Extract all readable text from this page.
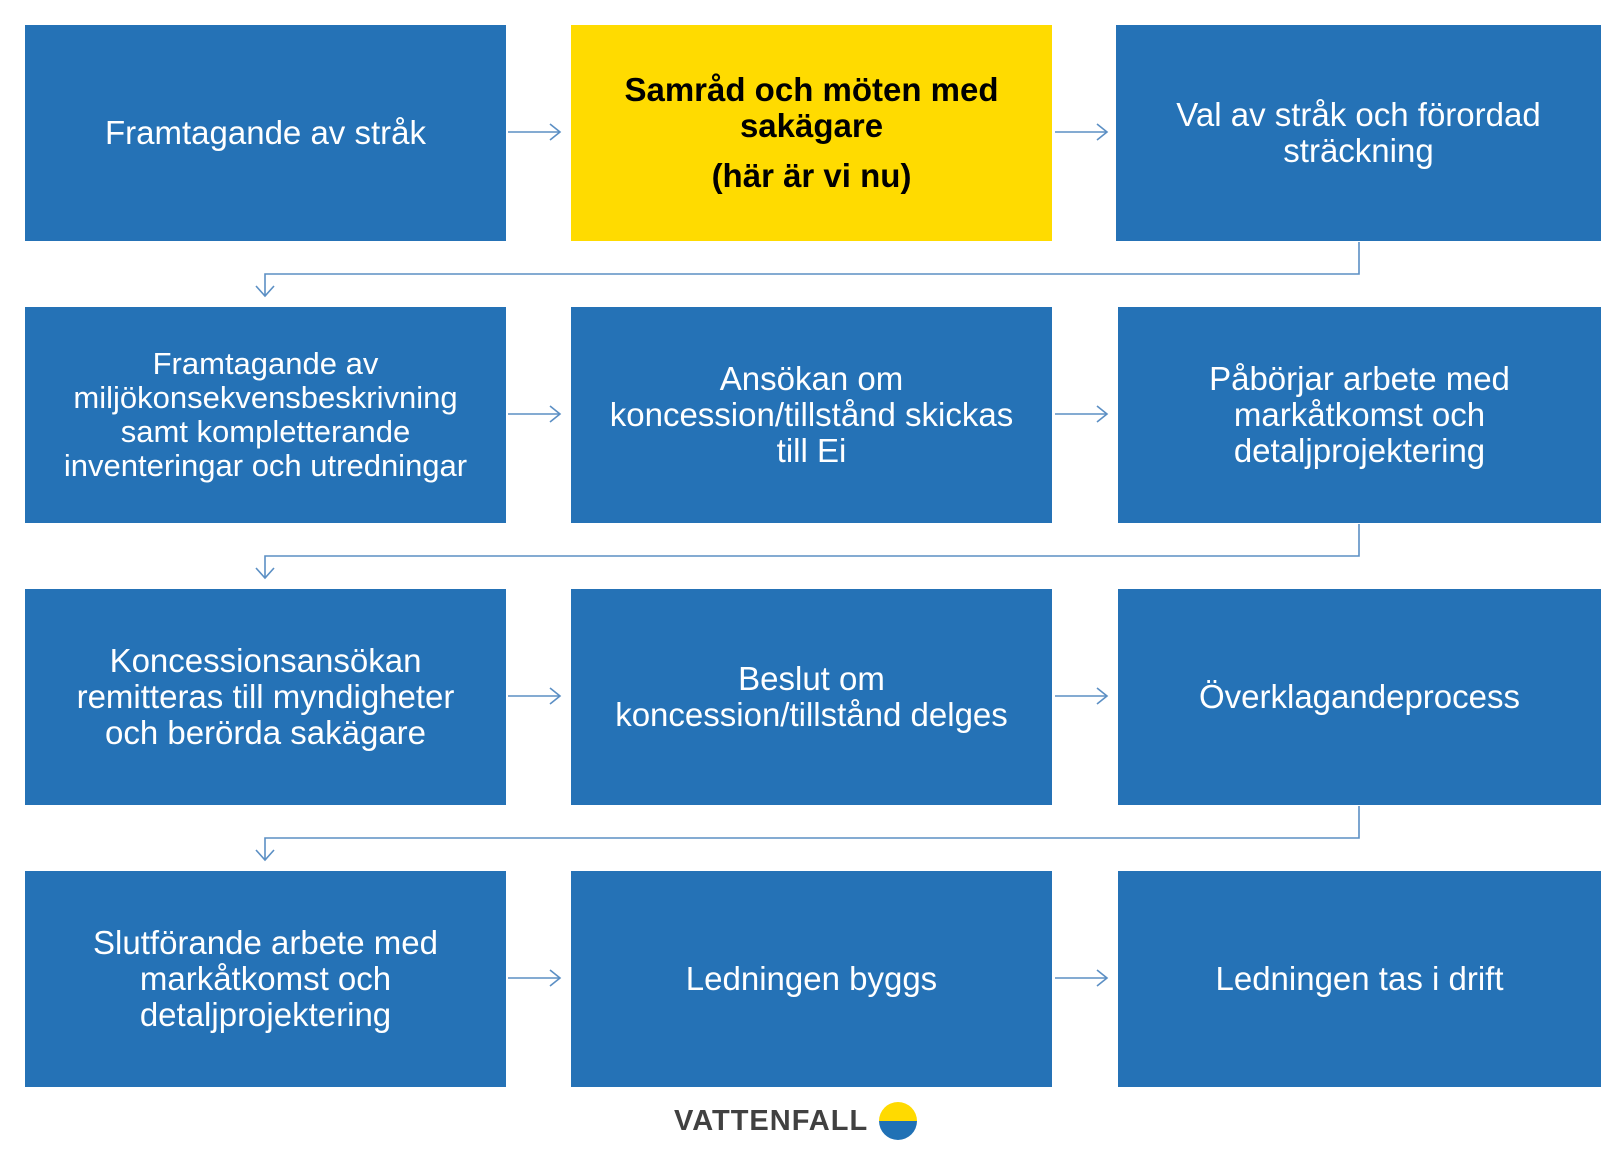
Framtagande av stråk
Samråd och möten med sakägare
(här är vi nu)
Val av stråk och förordad sträckning
Framtagande av miljökonsekvensbeskrivning samt kompletterande inventeringar och utredningar
Ansökan om koncession/tillstånd skickas till Ei
Påbörjar arbete med markåtkomst och detaljprojektering
Koncessionsansökan remitteras till myndigheter och berörda sakägare
Beslut om koncession/tillstånd delges	Överklagandeprocess
Slutförande arbete med markåtkomst och detaljprojektering
Ledningen byggs	Ledningen tas i drift
VATTENFALL
